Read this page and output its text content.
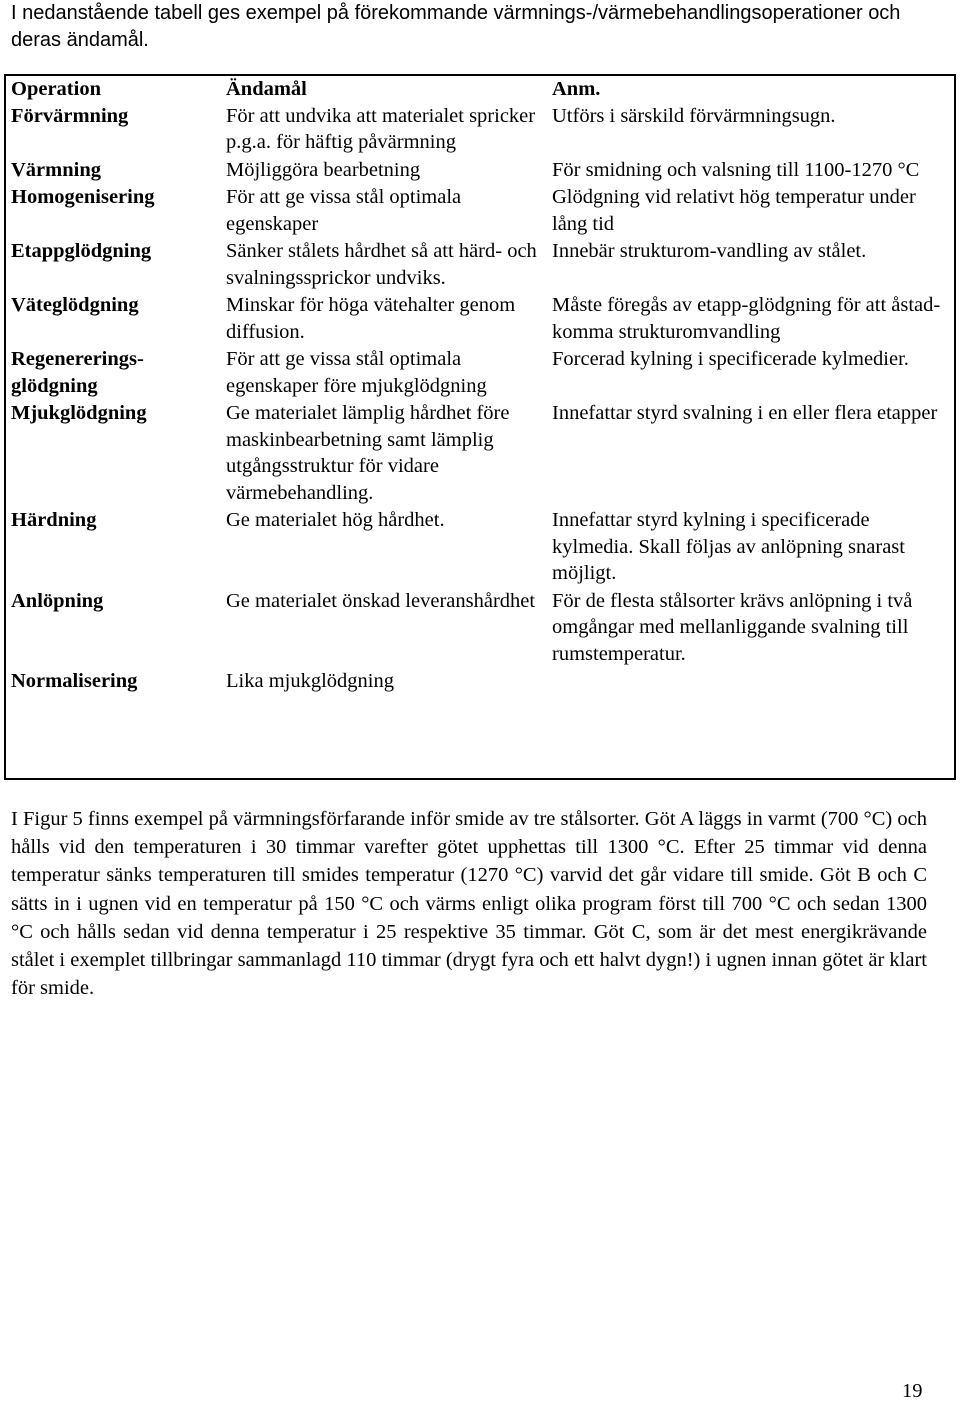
I nedanstående tabell ges exempel på förekommande värmnings-/värmebehandlingsoperationer och deras ändamål.

Operation	Ändamål	Anm.
Förvärmning	För att undvika att materialet spricker p.g.a. för häftig påvärmning	Utförs i särskild förvärmningsugn.
Värmning	Möjliggöra bearbetning	För smidning och valsning till 1100-1270 °C
Homogenisering	För att ge vissa stål optimala egenskaper	Glödgning vid relativt hög temperatur under lång tid
Etappglödgning	Sänker stålets hårdhet så att härd- och svalningssprickor undviks.	Innebär strukturom-vandling av stålet.
Väteglödgning	Minskar för höga vätehalter genom diffusion.	Måste föregås av etapp-glödgning för att åstad-komma strukturomvandling
Regenererings-glödgning	För att ge vissa stål optimala egenskaper före mjukglödgning	Forcerad kylning i specificerade kylmedier.
Mjukglödgning	Ge materialet lämplig hårdhet före maskinbearbetning samt lämplig utgångsstruktur för vidare värmebehandling.	Innefattar styrd svalning i en eller flera etapper
Härdning	Ge materialet hög hårdhet.	Innefattar styrd kylning i specificerade kylmedia. Skall följas av anlöpning snarast möjligt.
Anlöpning	Ge materialet önskad leveranshårdhet	För de flesta stålsorter krävs anlöpning i två omgångar med mellanliggande svalning till rumstemperatur.
Normalisering	Lika mjukglödgning	

I Figur 5 finns exempel på värmningsförfarande inför smide av tre stålsorter. Göt A läggs in varmt (700 °C) och hålls vid den temperaturen i 30 timmar varefter götet upphettas till 1300 °C. Efter 25 timmar vid denna temperatur sänks temperaturen till smides temperatur (1270 °C) varvid det går vidare till smide. Göt B och C sätts in i ugnen vid en temperatur på 150 °C och värms enligt olika program först till 700 °C och sedan 1300 °C och hålls sedan vid denna temperatur i 25 respektive 35 timmar. Göt C, som är det mest energikrävande stålet i exemplet tillbringar sammanlagd 110 timmar (drygt fyra och ett halvt dygn!) i ugnen innan götet är klart för smide.

19
